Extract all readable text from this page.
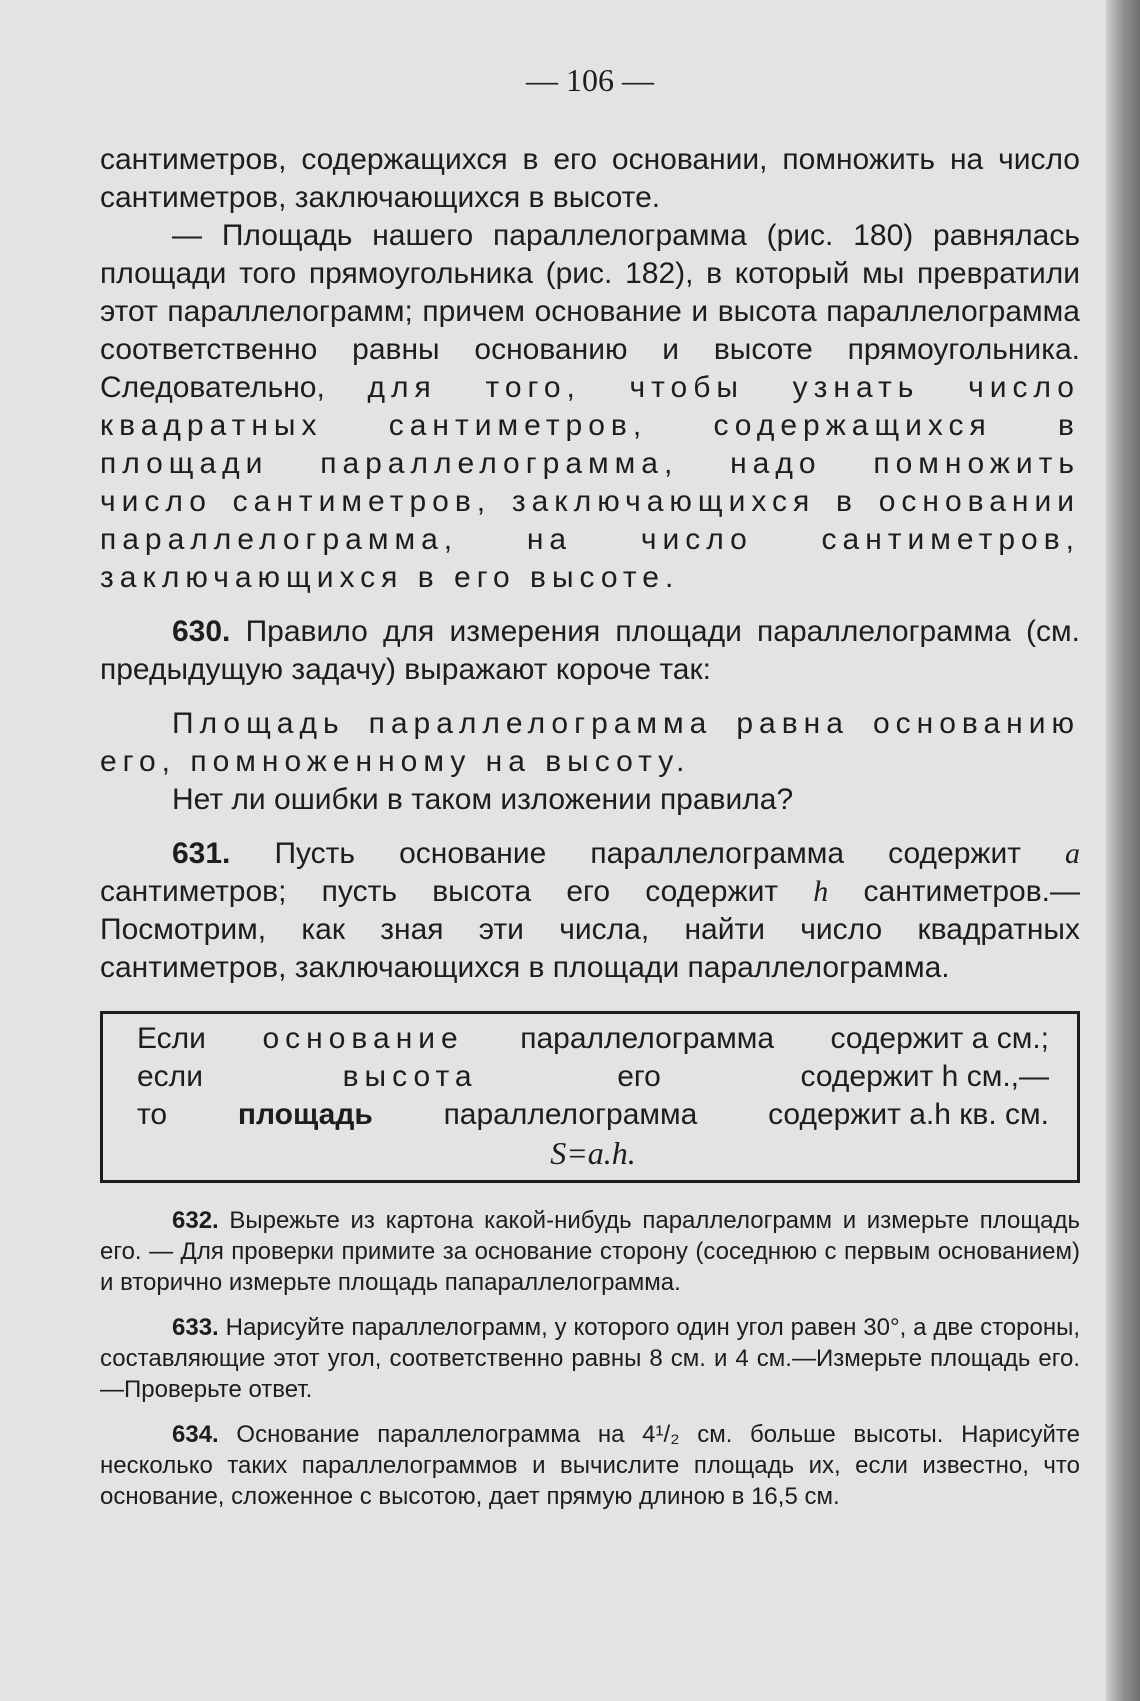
— 106 —

сантиметров, содержащихся в его основании, помножить на число сантиметров, заключающихся в высоте.

— Площадь нашего параллелограмма (рис. 180) равнялась площади того прямоугольника (рис. 182), в который мы превратили этот параллелограмм; причем основание и высота параллелограмма соответственно равны основанию и высоте прямоугольника. Следовательно, для того, чтобы узнать число квадратных сантиметров, содержащихся в площади параллелограмма, надо помножить число сантиметров, заключающихся в основании параллелограмма, на число сантиметров, заключающихся в его высоте.

630. Правило для измерения площади параллелограмма (см. предыдущую задачу) выражают короче так:

Площадь параллелограмма равна основанию его, помноженному на высоту.

Нет ли ошибки в таком изложении правила?

631. Пусть основание параллелограмма содержит a сантиметров; пусть высота его содержит h сантиметров.— Посмотрим, как зная эти числа, найти число квадратных сантиметров, заключающихся в площади параллелограмма.

Если основание параллелограмма содержит a см.;
если	высота	его	содержит h см.,—
то площадь параллелограмма содержит a.h кв. см.
S=a.h.

632. Вырежьте из картона какой-нибудь параллелограмм и измерьте площадь его. — Для проверки примите за основание сторону (соседнюю с первым основанием) и вторично измерьте площадь папараллелограмма.

633. Нарисуйте параллелограмм, у которого один угол равен 30°, а две стороны, составляющие этот угол, соответственно равны 8 см. и 4 см.—Измерьте площадь его.—Проверьте ответ.

634. Основание параллелограмма на 4¹/₂ см. больше высоты. Нарисуйте несколько таких параллелограммов и вычислите площадь их, если известно, что основание, сложенное с высотою, дает прямую длиною в 16,5 см.
